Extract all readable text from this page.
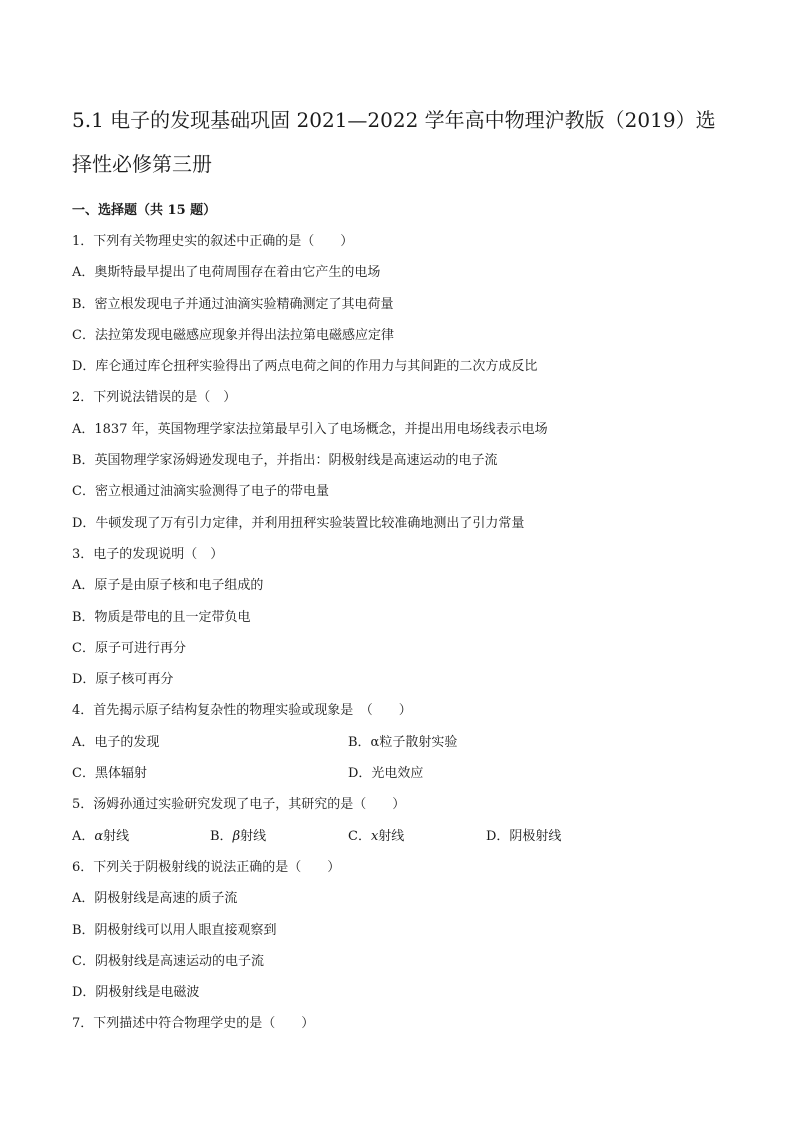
5.1 电子的发现基础巩固 2021—2022 学年高中物理沪教版（2019）选择性必修第三册
一、选择题（共 15 题）
1．下列有关物理史实的叙述中正确的是（　　）
A．奥斯特最早提出了电荷周围存在着由它产生的电场
B．密立根发现电子并通过油滴实验精确测定了其电荷量
C．法拉第发现电磁感应现象并得出法拉第电磁感应定律
D．库仑通过库仑扭秤实验得出了两点电荷之间的作用力与其间距的二次方成反比
2．下列说法错误的是（　）
A．1837 年，英国物理学家法拉第最早引入了电场概念，并提出用电场线表示电场
B．英国物理学家汤姆逊发现电子，并指出：阴极射线是高速运动的电子流
C．密立根通过油滴实验测得了电子的带电量
D．牛顿发现了万有引力定律，并利用扭秤实验装置比较准确地测出了引力常量
3．电子的发现说明（　）
A．原子是由原子核和电子组成的
B．物质是带电的且一定带负电
C．原子可进行再分
D．原子核可再分
4．首先揭示原子结构复杂性的物理实验或现象是　（　　）
A．电子的发现	B．α粒子散射实验
C．黑体辐射	D．光电效应
5．汤姆孙通过实验研究发现了电子，其研究的是（　　）
A．α射线	B．β射线	C．x射线	D．阴极射线
6．下列关于阴极射线的说法正确的是（　　）
A．阴极射线是高速的质子流
B．阴极射线可以用人眼直接观察到
C．阴极射线是高速运动的电子流
D．阴极射线是电磁波
7．下列描述中符合物理学史的是（　　）
